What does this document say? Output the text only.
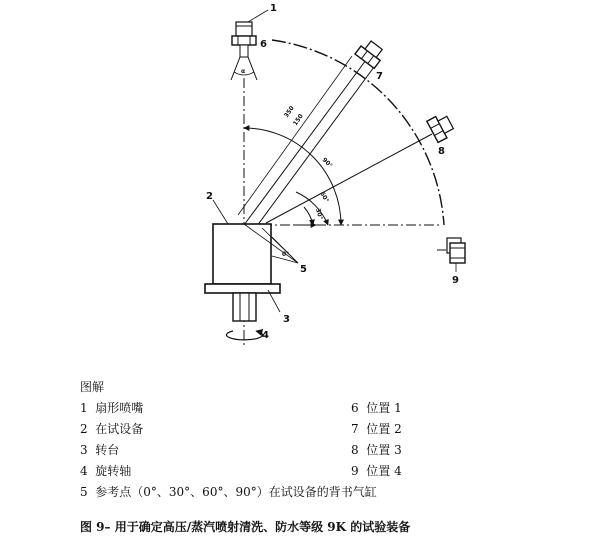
1
6
7
8
9
2
3
4
5
350
150
90°
60°
30°
0°
α
图解
1 扇形喷嘴
2 在试设备
3 转台
4 旋转轴
5 参考点（0°、30°、60°、90°）在试设备的背书气缸
6 位置 1
7 位置 2
8 位置 3
9 位置 4
图 9– 用于确定高压/蒸汽喷射清洗、防水等级 9K 的试验装备
